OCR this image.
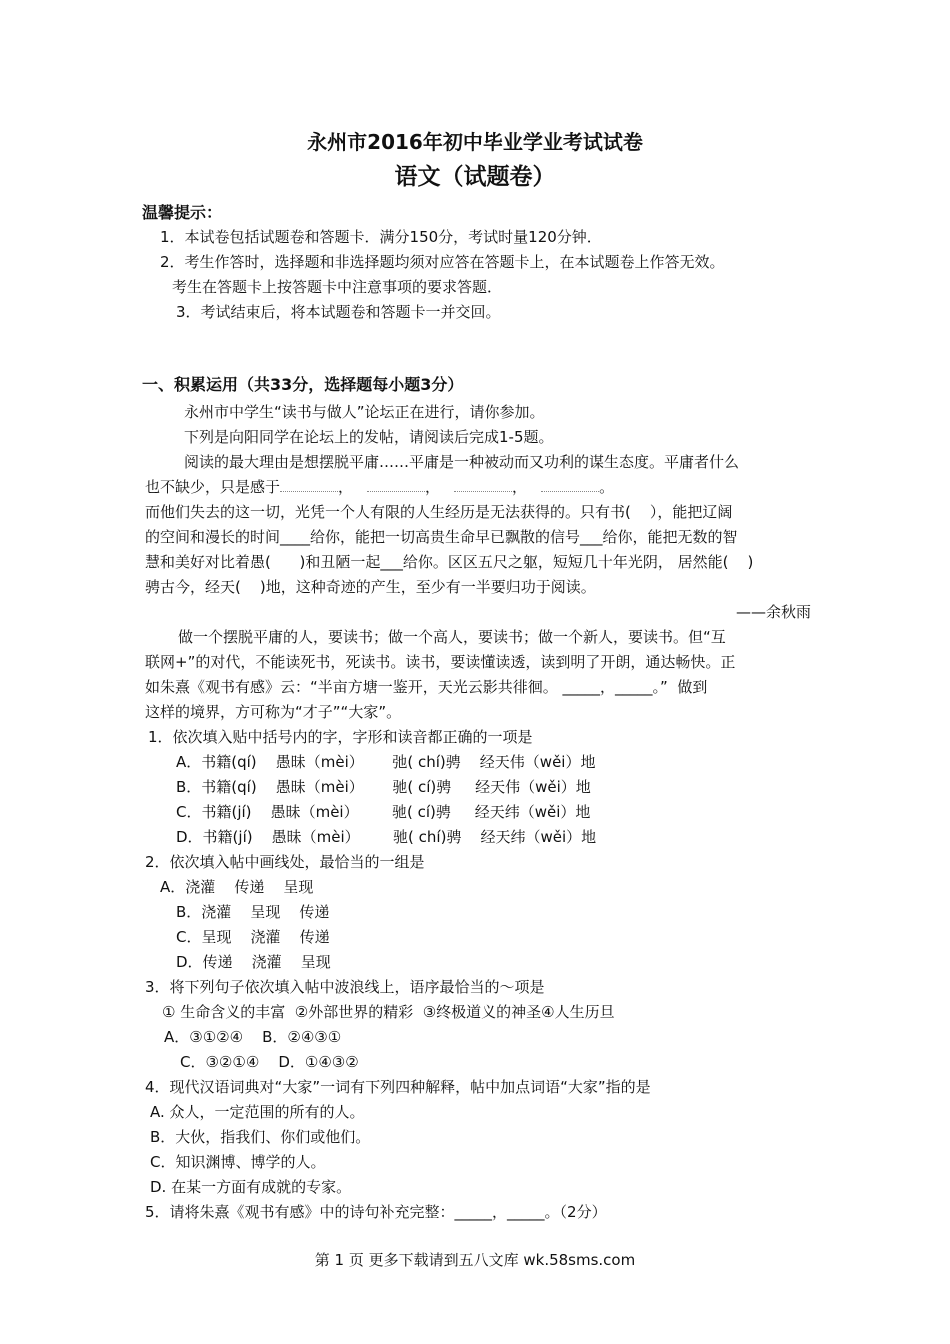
永州市2016年初中毕业学业考试试卷
语文（试题卷）
温馨提示：
1．本试卷包括试题卷和答题卡．满分150分，考试时量120分钟．
2．考生作答时，选择题和非选择题均须对应答在答题卡上，在本试题卷上作答无效。
考生在答题卡上按答题卡中注意事项的要求答题．
3．考试结束后，将本试题卷和答题卡一并交回。
一、积累运用（共33分，选择题每小题3分）
永州市中学生“读书与做人”论坛正在进行，请你参加。
下列是向阳同学在论坛上的发帖，请阅读后完成1-5题。
阅读的最大理由是想摆脱平庸……平庸是一种被动而又功利的谋生态度。平庸者什么
也不缺少，只是感于	，	，	，	。
而他们失去的这一切，光凭一个人有限的人生经历是无法获得的。只有书(    ），能把辽阔
的空间和漫长的时间____给你，能把一切高贵生命早已飘散的信号___给你，能把无数的智
慧和美好对比着愚(      )和丑陋一起___给你。区区五尺之躯，短短几十年光阴， 居然能(    )
骋古今，经天(    )地，这种奇迹的产生，至少有一半要归功于阅读。
——余秋雨
做一个摆脱平庸的人，要读书；做一个高人，要读书；做一个新人，要读书。但“互
联网+”的对代，不能读死书，死读书。读书，要读懂读透，读到明了开朗，通达畅快。正
如朱熹《观书有感》云：“半亩方塘一鉴开，天光云影共徘徊。 _____，_____。”  做到
这样的境界，方可称为“才子”“大家”。
1．依次填入贴中括号内的字，字形和读音都正确的一项是
A．书籍(qí)    愚昧（mèi）      弛( chí)骋    经天伟（wěi）地
B．书籍(qí)    愚昧（mèi）      驰( cí)骋     经天伟（wěi）地
C．书籍(jí)    愚昧（mèi）       驰( cí)骋     经天纬（wěi）地
D．书籍(jí)    愚昧（mèi）       驰( chí)骋    经天纬（wěi）地
2．依次填入帖中画线处，最恰当的一组是
A．浇灌    传递    呈现
B．浇灌    呈现    传递
C．呈现    浇灌    传递
D．传递    浇灌    呈现
3．将下列句子依次填入帖中波浪线上，语序最恰当的～项是
① 生命含义的丰富  ②外部世界的精彩  ③终极道义的神圣④人生历旦
A．③①②④    B．②④③①
C．③②①④    D．①④③②
4．现代汉语词典对“大家”一词有下列四种解释，帖中加点词语“大家”指的是
A. 众人，一定范围的所有的人。
B．大伙，指我们、你们或他们。
C．知识渊博、博学的人。
D. 在某一方面有成就的专家。
5．请将朱熹《观书有感》中的诗句补充完整：_____，_____。（2分）
第 1 页 更多下载请到五八文库 wk.58sms.com
